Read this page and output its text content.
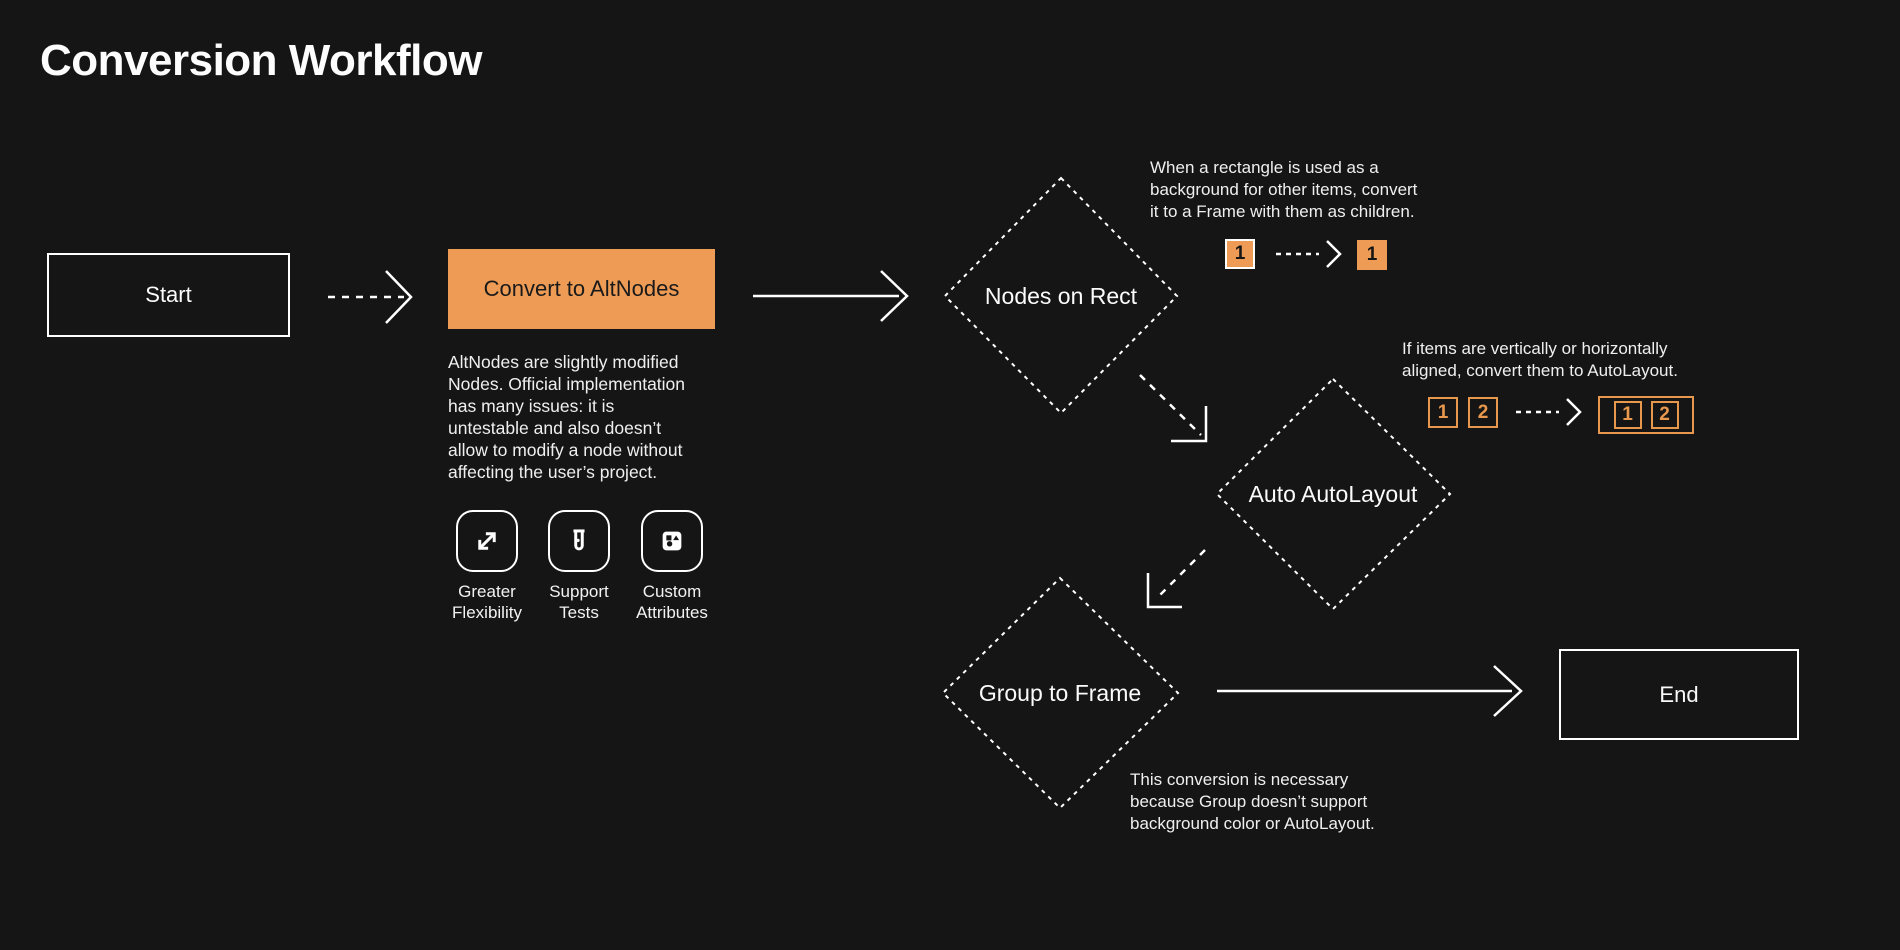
Conversion Workflow
Start	Convert to AltNodes
AltNodes are slightly modified
Nodes. Official implementation
has many issues: it is
untestable and also doesn’t
allow to modify a node without
affecting the user’s project.
Greater Flexibility
Support Tests
Custom Attributes
Nodes on Rect
Auto AutoLayout
Group to Frame	End
When a rectangle is used as a
background for other items, convert
it to a Frame with them as children.
1	1
If items are vertically or horizontally
aligned, convert them to AutoLayout.
1	2	1	2
This conversion is necessary
because Group doesn’t support
background color or AutoLayout.
